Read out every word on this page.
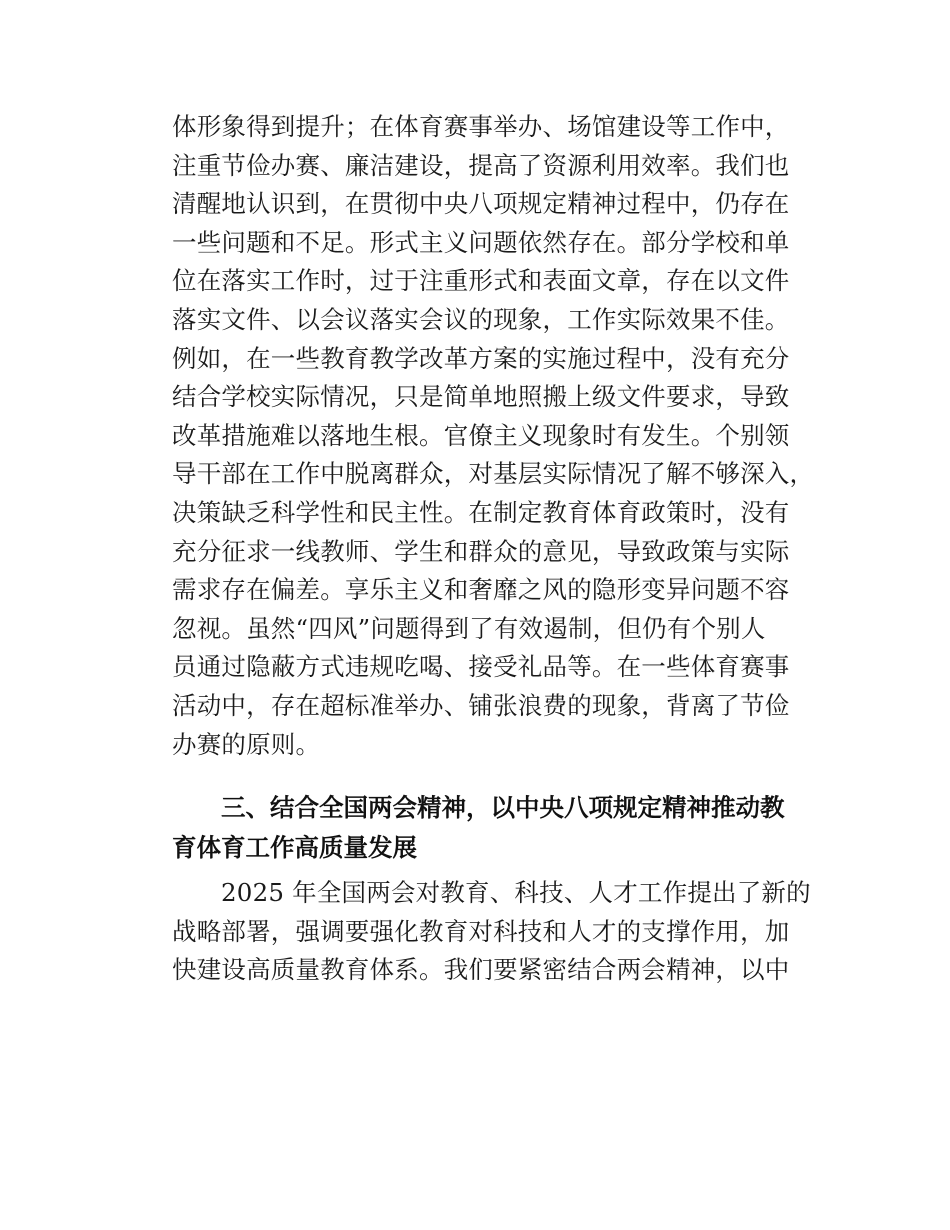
体形象得到提升；在体育赛事举办、场馆建设等工作中，
注重节俭办赛、廉洁建设，提高了资源利用效率。我们也
清醒地认识到，在贯彻中央八项规定精神过程中，仍存在
一些问题和不足。形式主义问题依然存在。部分学校和单
位在落实工作时，过于注重形式和表面文章，存在以文件
落实文件、以会议落实会议的现象，工作实际效果不佳。
例如，在一些教育教学改革方案的实施过程中，没有充分
结合学校实际情况，只是简单地照搬上级文件要求，导致
改革措施难以落地生根。官僚主义现象时有发生。个别领
导干部在工作中脱离群众，对基层实际情况了解不够深入，
决策缺乏科学性和民主性。在制定教育体育政策时，没有
充分征求一线教师、学生和群众的意见，导致政策与实际
需求存在偏差。享乐主义和奢靡之风的隐形变异问题不容
忽视。虽然“四风”问题得到了有效遏制，但仍有个别人
员通过隐蔽方式违规吃喝、接受礼品等。在一些体育赛事
活动中，存在超标准举办、铺张浪费的现象，背离了节俭
办赛的原则。
三、结合全国两会精神，以中央八项规定精神推动教
育体育工作高质量发展
2025 年全国两会对教育、科技、人才工作提出了新的
战略部署，强调要强化教育对科技和人才的支撑作用，加
快建设高质量教育体系。我们要紧密结合两会精神，以中
